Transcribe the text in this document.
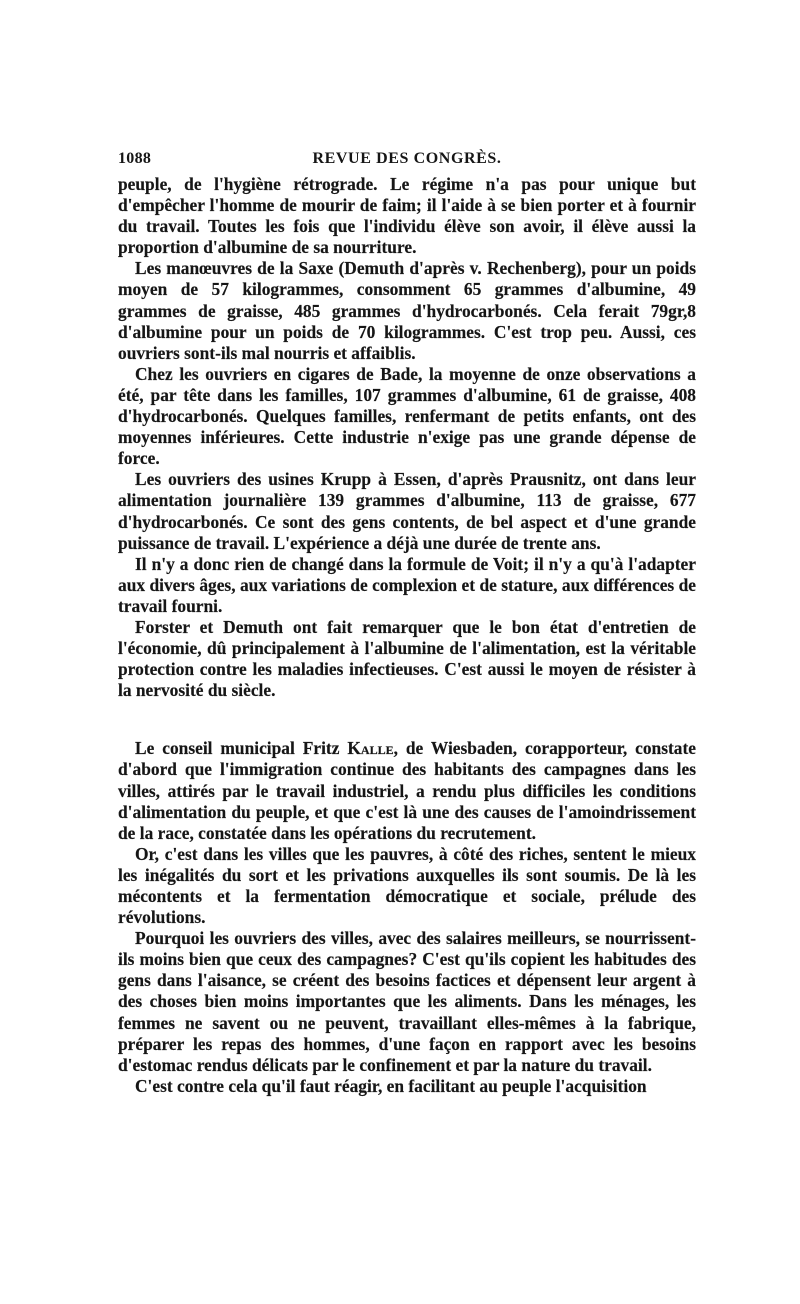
1088	REVUE DES CONGRÈS.

peuple, de l'hygiène rétrograde. Le régime n'a pas pour unique but d'empêcher l'homme de mourir de faim; il l'aide à se bien porter et à fournir du travail. Toutes les fois que l'individu élève son avoir, il élève aussi la proportion d'albumine de sa nourriture.

Les manœuvres de la Saxe (Demuth d'après v. Rechenberg), pour un poids moyen de 57 kilogrammes, consomment 65 grammes d'albumine, 49 grammes de graisse, 485 grammes d'hydrocarbonés. Cela ferait 79gr,8 d'albumine pour un poids de 70 kilogrammes. C'est trop peu. Aussi, ces ouvriers sont-ils mal nourris et affaiblis.

Chez les ouvriers en cigares de Bade, la moyenne de onze observations a été, par tête dans les familles, 107 grammes d'albumine, 61 de graisse, 408 d'hydrocarbonés. Quelques familles, renfermant de petits enfants, ont des moyennes inférieures. Cette industrie n'exige pas une grande dépense de force.

Les ouvriers des usines Krupp à Essen, d'après Prausnitz, ont dans leur alimentation journalière 139 grammes d'albumine, 113 de graisse, 677 d'hydrocarbonés. Ce sont des gens contents, de bel aspect et d'une grande puissance de travail. L'expérience a déjà une durée de trente ans.

Il n'y a donc rien de changé dans la formule de Voit; il n'y a qu'à l'adapter aux divers âges, aux variations de complexion et de stature, aux différences de travail fourni.

Forster et Demuth ont fait remarquer que le bon état d'entretien de l'économie, dû principalement à l'albumine de l'alimentation, est la véritable protection contre les maladies infectieuses. C'est aussi le moyen de résister à la nervosité du siècle.

Le conseil municipal Fritz Kalle, de Wiesbaden, corapporteur, constate d'abord que l'immigration continue des habitants des campagnes dans les villes, attirés par le travail industriel, a rendu plus difficiles les conditions d'alimentation du peuple, et que c'est là une des causes de l'amoindrissement de la race, constatée dans les opérations du recrutement.

Or, c'est dans les villes que les pauvres, à côté des riches, sentent le mieux les inégalités du sort et les privations auxquelles ils sont soumis. De là les mécontents et la fermentation démocratique et sociale, prélude des révolutions.

Pourquoi les ouvriers des villes, avec des salaires meilleurs, se nourrissent-ils moins bien que ceux des campagnes? C'est qu'ils copient les habitudes des gens dans l'aisance, se créent des besoins factices et dépensent leur argent à des choses bien moins importantes que les aliments. Dans les ménages, les femmes ne savent ou ne peuvent, travaillant elles-mêmes à la fabrique, préparer les repas des hommes, d'une façon en rapport avec les besoins d'estomac rendus délicats par le confinement et par la nature du travail.

C'est contre cela qu'il faut réagir, en facilitant au peuple l'acquisition
